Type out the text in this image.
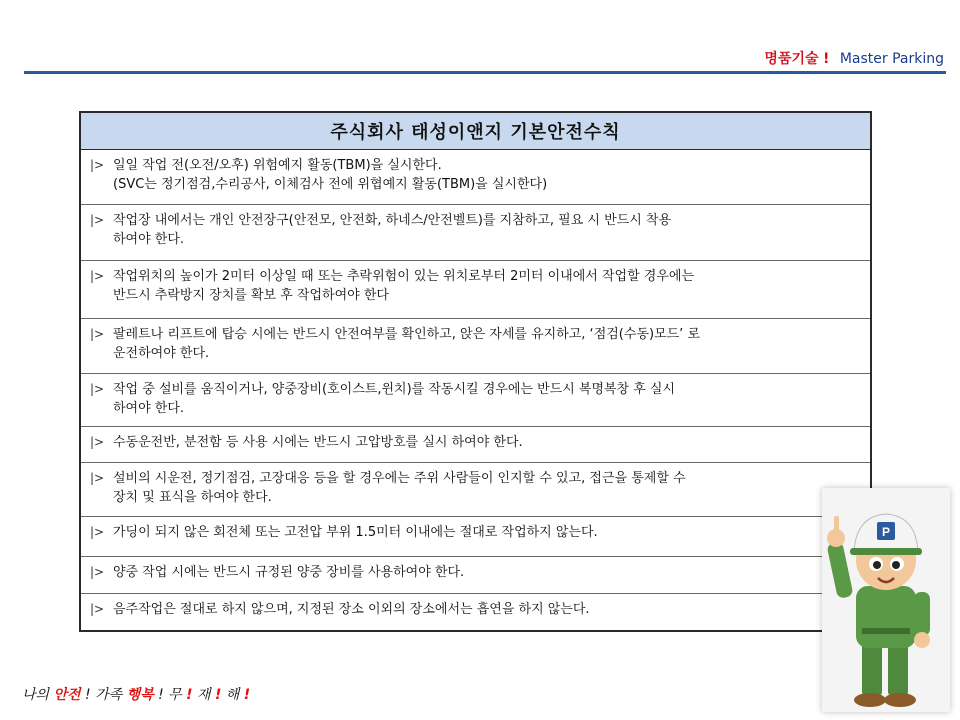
명품기술 ! Master Parking
주식회사 태성이앤지 기본안전수칙
|> 일일 작업 전(오전/오후) 위험예지 활동(TBM)을 실시한다.
(SVC는 정기점검,수리공사, 이체검사 전에 위협예지 활동(TBM)을 실시한다)
|> 작업장 내에서는 개인 안전장구(안전모, 안전화, 하네스/안전벨트)를 지참하고, 필요 시 반드시 착용
하여야 한다.
|> 작업위치의 높이가 2미터 이상일 때 또는 추락위험이 있는 위치로부터 2미터 이내에서 작업할 경우에는
반드시 추락방지 장치를 확보 후 작업하여야 한다
|> 팔레트나 리프트에 탑승 시에는 반드시 안전여부를 확인하고, 앉은 자세를 유지하고, ‘점검(수동)모드’ 로
운전하여야 한다.
|> 작업 중 설비를 움직이거나, 양중장비(호이스트,윈치)를 작동시킬 경우에는 반드시 복명복창 후 실시
하여야 한다.
|> 수동운전반, 분전함 등 사용 시에는 반드시 고압방호를 실시 하여야 한다.
|> 설비의 시운전, 정기점검, 고장대응 등을 할 경우에는 주위 사람들이 인지할 수 있고, 접근을 통제할 수
장치 및 표식을 하여야 한다.
|> 가딩이 되지 않은 회전체 또는 고전압 부위 1.5미터 이내에는 절대로 작업하지 않는다.
|> 양중 작업 시에는 반드시 규정된 양중 장비를 사용하여야 한다.
|> 음주작업은 절대로 하지 않으며, 지정된 장소 이외의 장소에서는 흡연을 하지 않는다.
나의 안전 ! 가족 행복 ! 무 ! 재 ! 해 !
P
